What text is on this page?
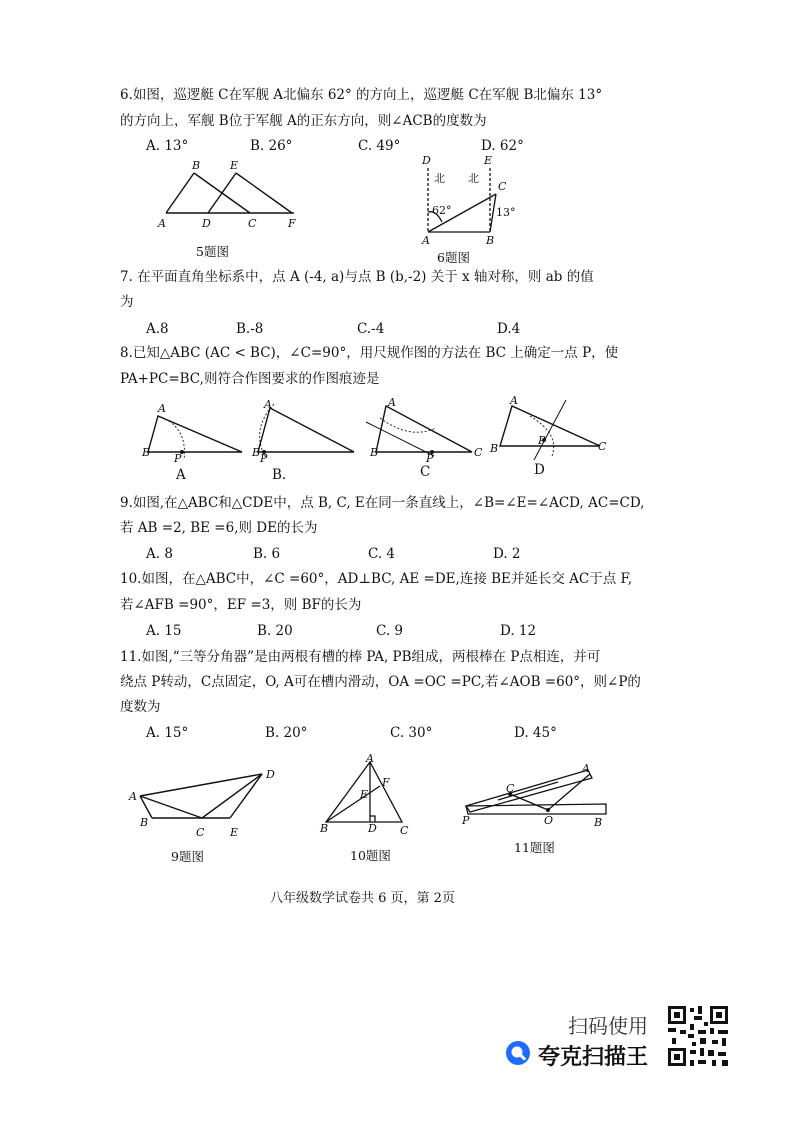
6.如图，巡逻艇 C在军舰 A北偏东 62° 的方向上，巡逻艇 C在军舰 B北偏东 13°
的方向上，军舰 B位于军舰 A的正东方向，则∠ACB的度数为
A. 13°	B. 26°	C. 49°	D. 62°
B	E
A	D	C	F
5题图
D	E
北 北
C
62°	13°
A	B
6题图
7. 在平面直角坐标系中，点 A (-4, a)与点 B (b,-2) 关于 x 轴对称，则 ab 的值
为
A.8	B.-8	C.-4	D.4
8.已知△ABC (AC < BC)，∠C=90°，用尺规作图的方法在 BC 上确定一点 P，使
PA+PC=BC,则符合作图要求的作图痕迹是
B
A
P	B
A
P	B
A
P	C B
A
P	C
A	B.	C	D
9.如图,在△ABC和△CDE中，点 B, C, E在同一条直线上，∠B=∠E=∠ACD, AC=CD,
若 AB =2, BE =6,则 DE的长为
A. 8	B. 6	C. 4	D. 2
10.如图，在△ABC中，∠C =60°，AD⊥BC, AE =DE,连接 BE并延长交 AC于点 F,
若∠AFB =90°，EF =3，则 BF的长为
A. 15	B. 20	C. 9	D. 12
11.如图,“三等分角器”是由两根有槽的棒 PA, PB组成，两根棒在 P点相连，并可
绕点 P转动，C点固定，O, A可在槽内滑动，OA =OC =PC,若∠AOB =60°，则∠P的
度数为
A. 15°	B. 20°	C. 30°	D. 45°
A
D
B
C E
9题图
A
F
E
B	D C
10题图
A
C
O
P	B
11题图
八年级数学试卷共 6 页，第 2页
扫码使用
夸克扫描王
